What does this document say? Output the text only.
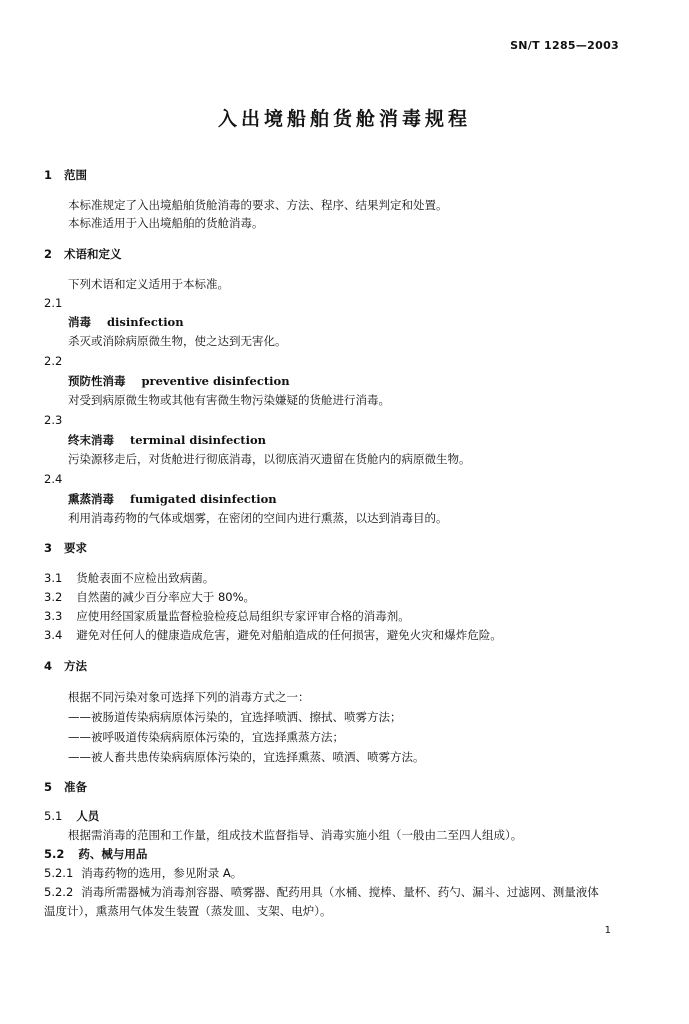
SN/T 1285—2003
入出境船舶货舱消毒规程
1 范围
本标准规定了入出境船舶货舱消毒的要求、方法、程序、结果判定和处置。
本标准适用于入出境船舶的货舱消毒。
2 术语和定义
下列术语和定义适用于本标准。
2.1
消毒 disinfection
杀灭或消除病原微生物，使之达到无害化。
2.2
预防性消毒 preventive disinfection
对受到病原微生物或其他有害微生物污染嫌疑的货舱进行消毒。
2.3
终末消毒 terminal disinfection
污染源移走后，对货舱进行彻底消毒，以彻底消灭遗留在货舱内的病原微生物。
2.4
熏蒸消毒 fumigated disinfection
利用消毒药物的气体或烟雾，在密闭的空间内进行熏蒸，以达到消毒目的。
3 要求
3.1 货舱表面不应检出致病菌。
3.2 自然菌的减少百分率应大于 80%。
3.3 应使用经国家质量监督检验检疫总局组织专家评审合格的消毒剂。
3.4 避免对任何人的健康造成危害，避免对船舶造成的任何损害，避免火灾和爆炸危险。
4 方法
根据不同污染对象可选择下列的消毒方式之一：
——被肠道传染病病原体污染的，宜选择喷洒、擦拭、喷雾方法；
——被呼吸道传染病病原体污染的，宜选择熏蒸方法；
——被人畜共患传染病病原体污染的，宜选择熏蒸、喷洒、喷雾方法。
5 准备
5.1 人员
根据需消毒的范围和工作量，组成技术监督指导、消毒实施小组（一般由二至四人组成）。
5.2 药、械与用品
5.2.1 消毒药物的选用，参见附录 A。
5.2.2 消毒所需器械为消毒剂容器、喷雾器、配药用具（水桶、搅棒、量杯、药勺、漏斗、过滤网、测量液体
温度计），熏蒸用气体发生装置（蒸发皿、支架、电炉）。
1
